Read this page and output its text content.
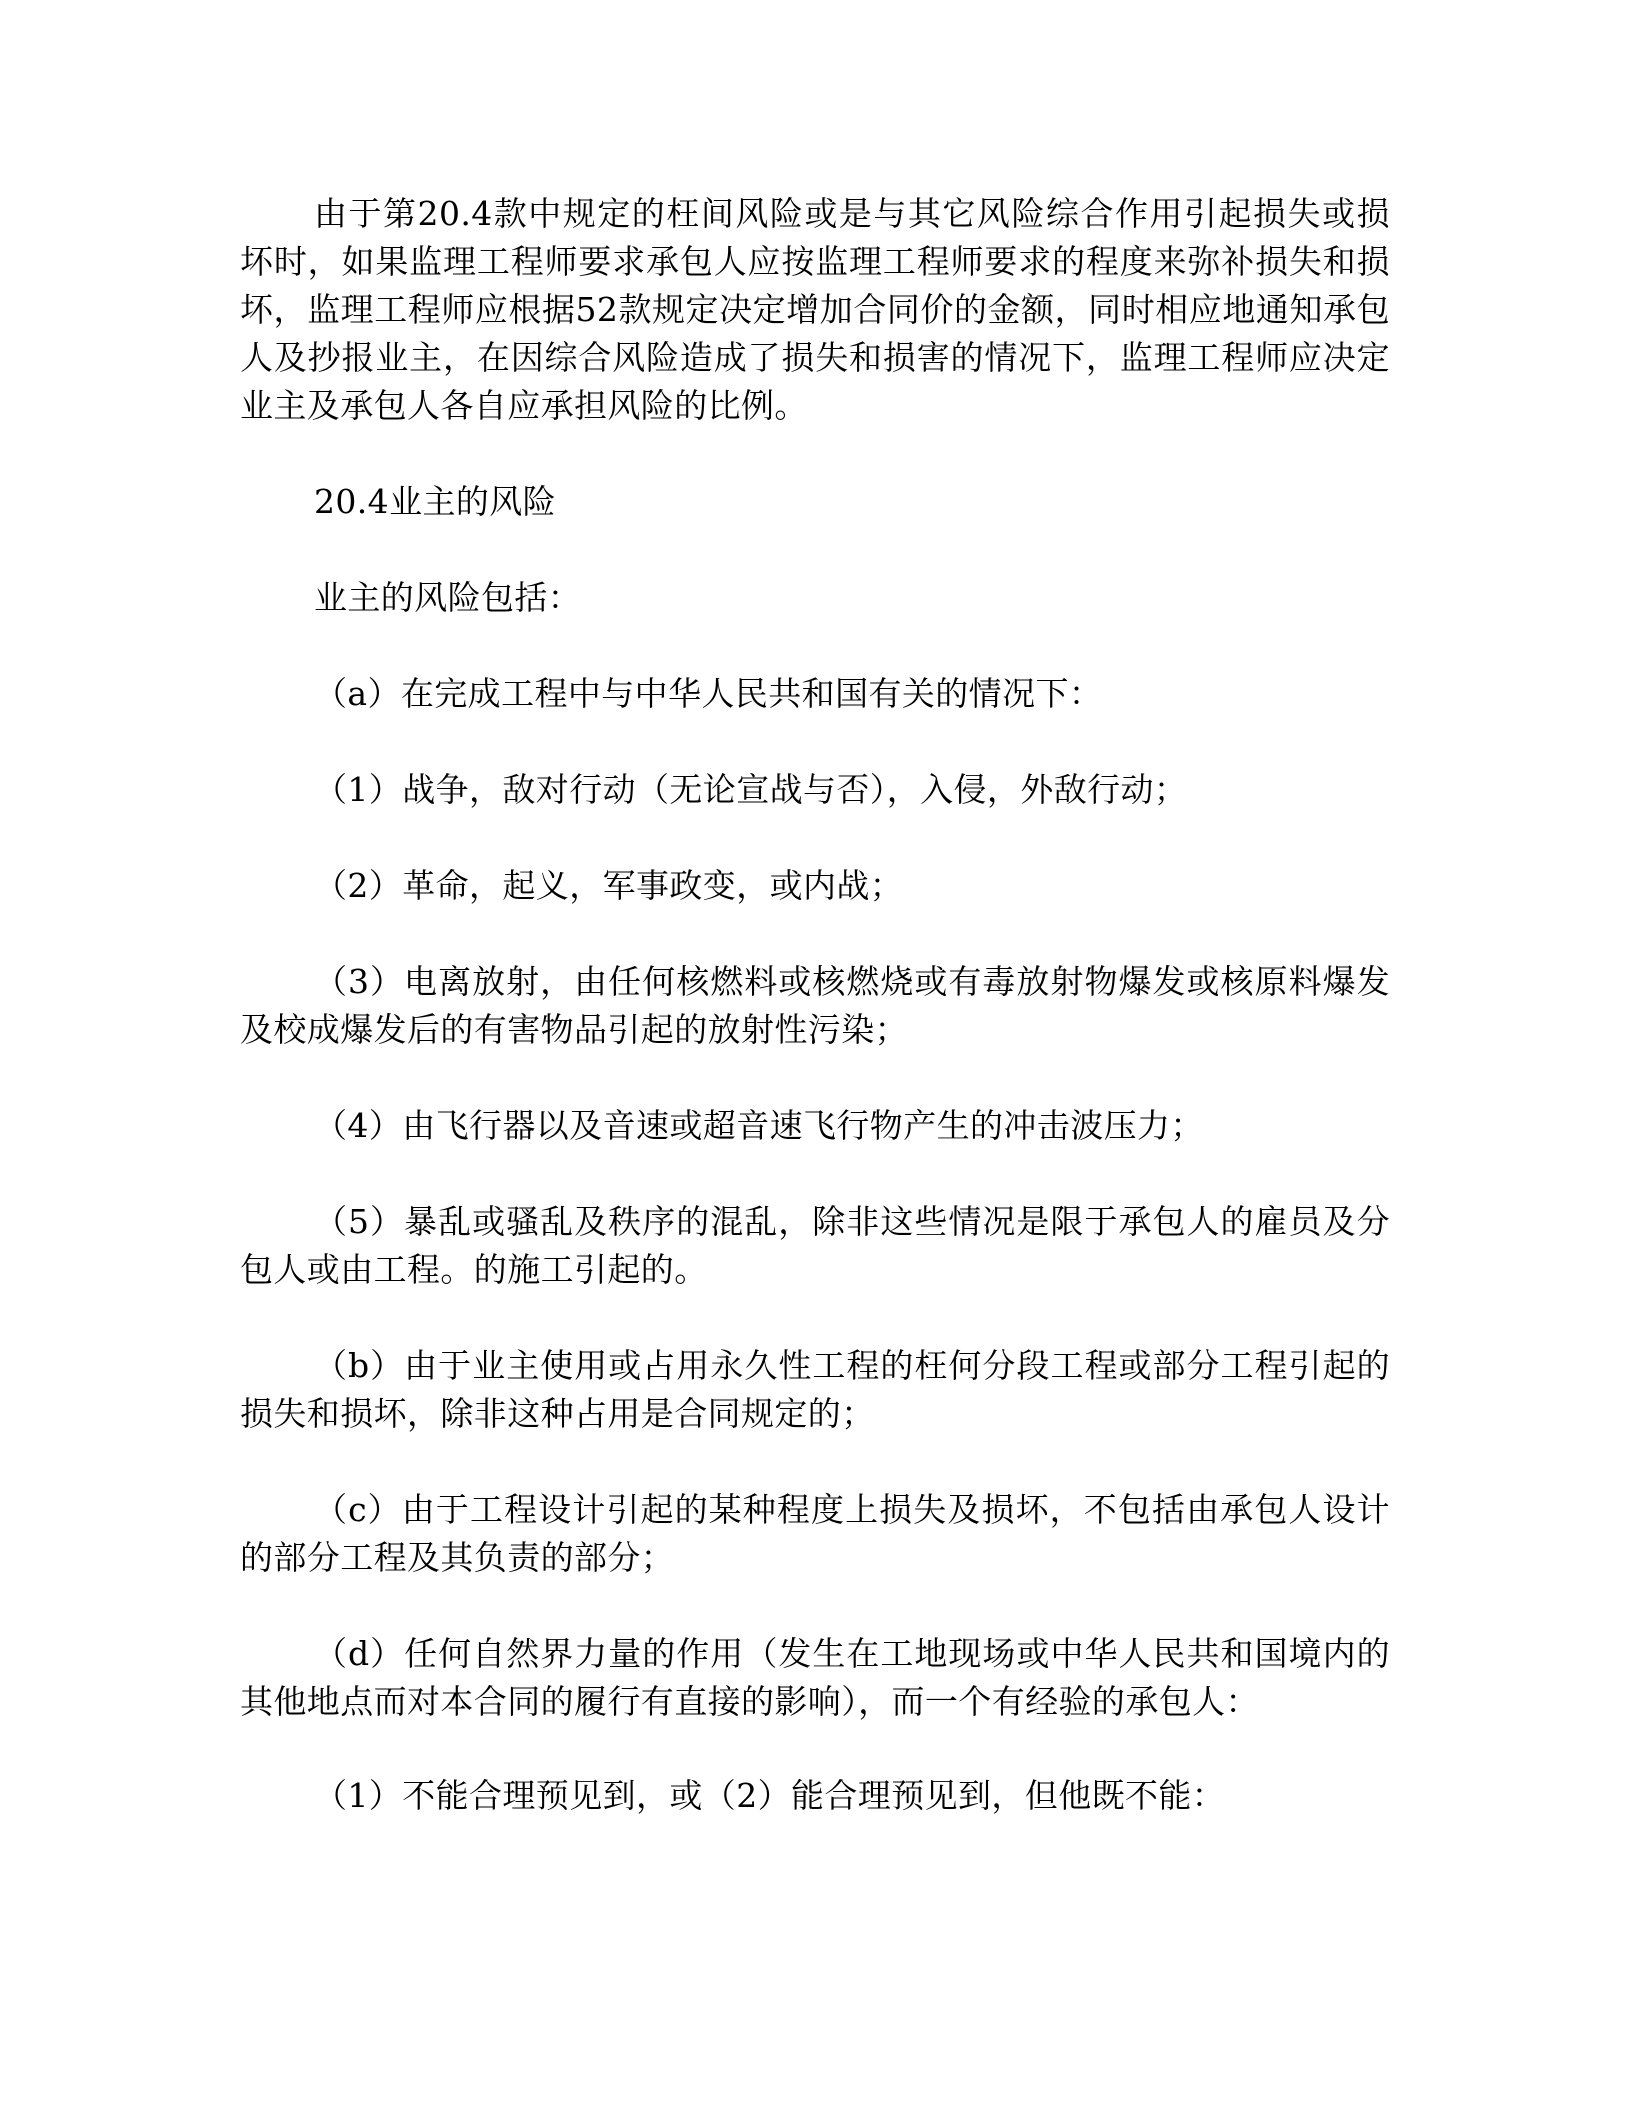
由于第20.4款中规定的枉间风险或是与其它风险综合作用引起损失或损坏时，如果监理工程师要求承包人应按监理工程师要求的程度来弥补损失和损坏，监理工程师应根据52款规定决定增加合同价的金额，同时相应地通知承包人及抄报业主，在因综合风险造成了损失和损害的情况下，监理工程师应决定业主及承包人各自应承担风险的比例。

20.4业主的风险

业主的风险包括：

（a）在完成工程中与中华人民共和国有关的情况下：

（1）战争，敌对行动（无论宣战与否），入侵，外敌行动；

（2）革命，起义，军事政变，或内战；

（3）电离放射，由任何核燃料或核燃烧或有毒放射物爆发或核原料爆发及校成爆发后的有害物品引起的放射性污染；

（4）由飞行器以及音速或超音速飞行物产生的冲击波压力；

（5）暴乱或骚乱及秩序的混乱，除非这些情况是限于承包人的雇员及分包人或由工程。的施工引起的。

（b）由于业主使用或占用永久性工程的枉何分段工程或部分工程引起的损失和损坏，除非这种占用是合同规定的；

（c）由于工程设计引起的某种程度上损失及损坏，不包括由承包人设计的部分工程及其负责的部分；

（d）任何自然界力量的作用（发生在工地现场或中华人民共和国境内的其他地点而对本合同的履行有直接的影响），而一个有经验的承包人：

（1）不能合理预见到，或（2）能合理预见到，但他既不能：
